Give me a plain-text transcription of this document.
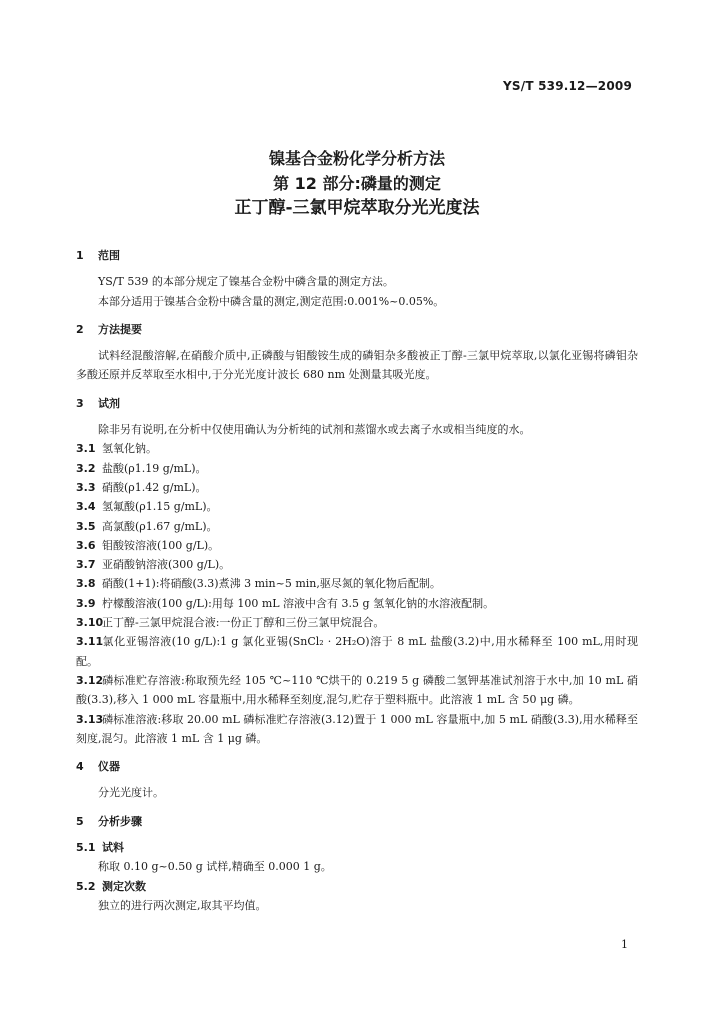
YS/T 539.12—2009
镍基合金粉化学分析方法
第 12 部分:磷量的测定
正丁醇-三氯甲烷萃取分光光度法
1 范围
YS/T 539 的本部分规定了镍基合金粉中磷含量的测定方法。
本部分适用于镍基合金粉中磷含量的测定,测定范围:0.001%~0.05%。
2 方法提要
试料经混酸溶解,在硝酸介质中,正磷酸与钼酸铵生成的磷钼杂多酸被正丁醇-三氯甲烷萃取,以氯化亚锡将磷钼杂多酸还原并反萃取至水相中,于分光光度计波长 680 nm 处测量其吸光度。
3 试剂
除非另有说明,在分析中仅使用确认为分析纯的试剂和蒸馏水或去离子水或相当纯度的水。
3.1 氢氧化钠。
3.2 盐酸(ρ1.19 g/mL)。
3.3 硝酸(ρ1.42 g/mL)。
3.4 氢氟酸(ρ1.15 g/mL)。
3.5 高氯酸(ρ1.67 g/mL)。
3.6 钼酸铵溶液(100 g/L)。
3.7 亚硝酸钠溶液(300 g/L)。
3.8 硝酸(1+1):将硝酸(3.3)煮沸 3 min~5 min,驱尽氮的氧化物后配制。
3.9 柠檬酸溶液(100 g/L):用每 100 mL 溶液中含有 3.5 g 氢氧化钠的水溶液配制。
3.10正丁醇-三氯甲烷混合液:一份正丁醇和三份三氯甲烷混合。
3.11氯化亚锡溶液(10 g/L):1 g 氯化亚锡(SnCl₂ · 2H₂O)溶于 8 mL 盐酸(3.2)中,用水稀释至 100 mL,用时现配。
3.12磷标准贮存溶液:称取预先经 105 ℃~110 ℃烘干的 0.219 5 g 磷酸二氢钾基准试剂溶于水中,加 10 mL 硝酸(3.3),移入 1 000 mL 容量瓶中,用水稀释至刻度,混匀,贮存于塑料瓶中。此溶液 1 mL 含 50 μg 磷。
3.13磷标准溶液:移取 20.00 mL 磷标准贮存溶液(3.12)置于 1 000 mL 容量瓶中,加 5 mL 硝酸(3.3),用水稀释至刻度,混匀。此溶液 1 mL 含 1 μg 磷。
4 仪器
分光光度计。
5 分析步骤
5.1 试料
称取 0.10 g~0.50 g 试样,精确至 0.000 1 g。
5.2 测定次数
独立的进行两次测定,取其平均值。
1
